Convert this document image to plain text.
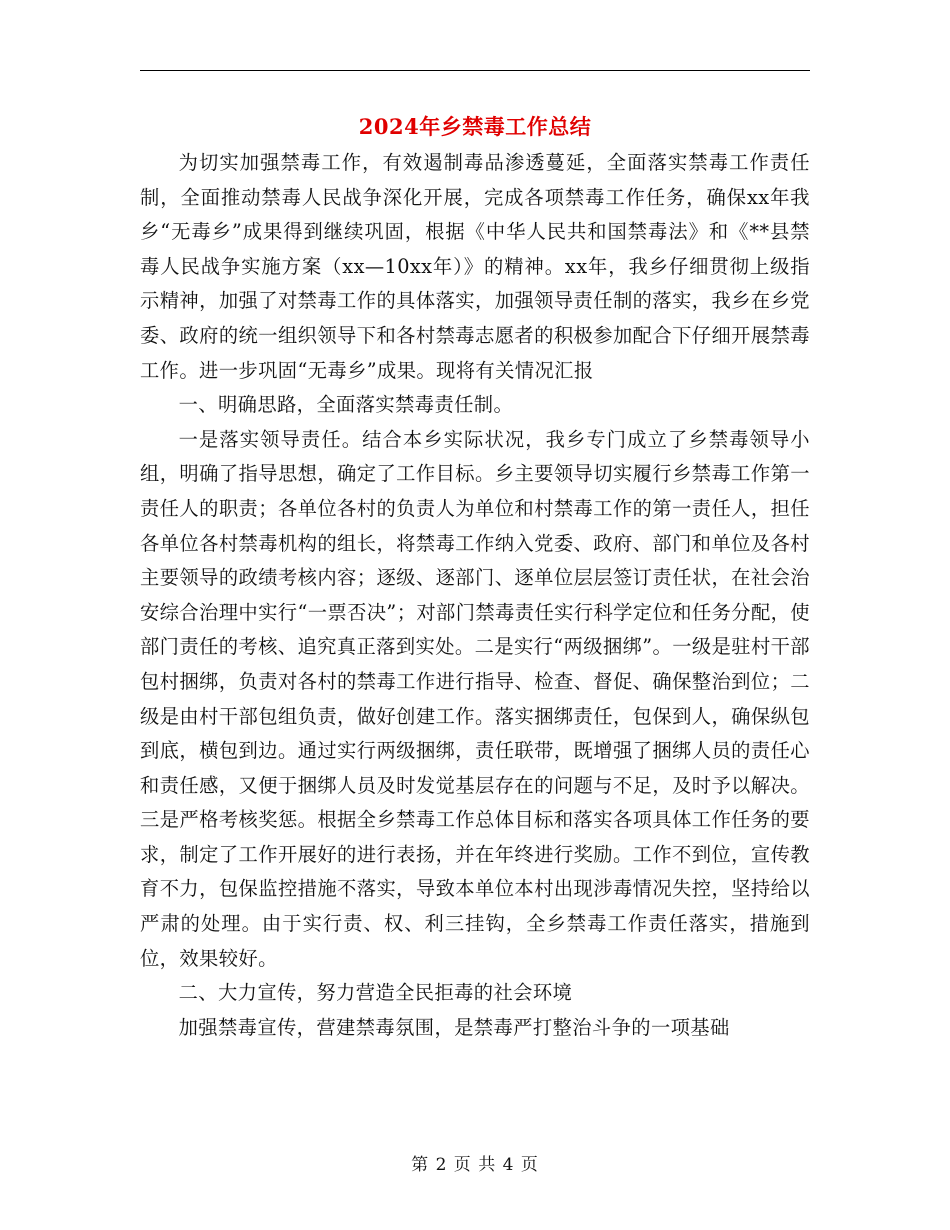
2024年乡禁毒工作总结

为切实加强禁毒工作，有效遏制毒品渗透蔓延，全面落实禁毒工作责任制，全面推动禁毒人民战争深化开展，完成各项禁毒工作任务，确保xx年我乡“无毒乡”成果得到继续巩固，根据《中华人民共和国禁毒法》和《**县禁毒人民战争实施方案（xx—10xx年）》的精神。xx年，我乡仔细贯彻上级指示精神，加强了对禁毒工作的具体落实，加强领导责任制的落实，我乡在乡党委、政府的统一组织领导下和各村禁毒志愿者的积极参加配合下仔细开展禁毒工作。进一步巩固“无毒乡”成果。现将有关情况汇报

一、明确思路，全面落实禁毒责任制。

一是落实领导责任。结合本乡实际状况，我乡专门成立了乡禁毒领导小组，明确了指导思想，确定了工作目标。乡主要领导切实履行乡禁毒工作第一责任人的职责；各单位各村的负责人为单位和村禁毒工作的第一责任人，担任各单位各村禁毒机构的组长，将禁毒工作纳入党委、政府、部门和单位及各村主要领导的政绩考核内容；逐级、逐部门、逐单位层层签订责任状，在社会治安综合治理中实行“一票否决”；对部门禁毒责任实行科学定位和任务分配，使部门责任的考核、追究真正落到实处。二是实行“两级捆绑”。一级是驻村干部包村捆绑，负责对各村的禁毒工作进行指导、检查、督促、确保整治到位；二级是由村干部包组负责，做好创建工作。落实捆绑责任，包保到人，确保纵包到底，横包到边。通过实行两级捆绑，责任联带，既增强了捆绑人员的责任心和责任感，又便于捆绑人员及时发觉基层存在的问题与不足，及时予以解决。三是严格考核奖惩。根据全乡禁毒工作总体目标和落实各项具体工作任务的要求，制定了工作开展好的进行表扬，并在年终进行奖励。工作不到位，宣传教育不力，包保监控措施不落实，导致本单位本村出现涉毒情况失控，坚持给以严肃的处理。由于实行责、权、利三挂钩，全乡禁毒工作责任落实，措施到位，效果较好。

二、大力宣传，努力营造全民拒毒的社会环境

加强禁毒宣传，营建禁毒氛围，是禁毒严打整治斗争的一项基础

第 2 页 共 4 页
